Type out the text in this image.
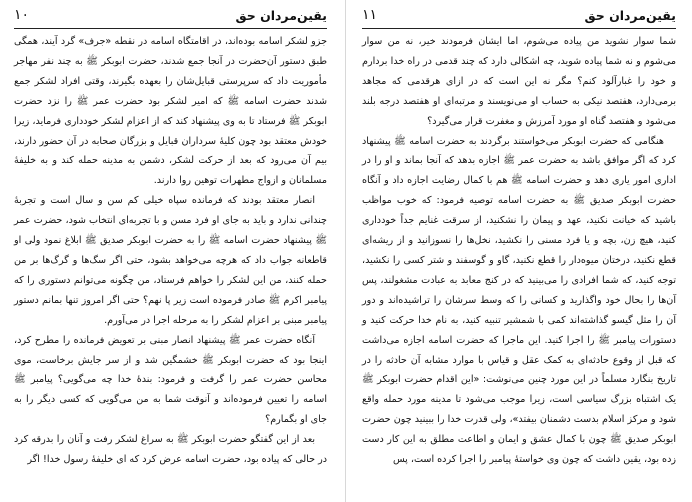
یقین‌مردان حق
۱۰

جزو لشکر اسامه بوده‌اند، در اقامتگاه اسامه در نقطه «جرف» گرد آیند، همگی طبق دستور آن‌حضرت در آنجا جمع شدند، حضرت ابوبکر ﷺ به چند نفر مهاجر مأموریت داد که سرپرستی قبایل‌شان را بعهده بگیرند، وقتی افراد لشکر جمع شدند حضرت اسامه ﷺ که امیر لشکر بود حضرت عمر ﷺ را نزد حضرت ابوبکر ﷺ فرستاد تا به وی پیشنهاد کند که از اعزام لشکر خودداری فرماید، زیرا خودش معتقد بود چون کلیهٔ سرداران قبایل و بزرگان صحابه در آن حضور دارند، بیم آن می‌رود که بعد از حرکت لشکر، دشمن به مدینه حمله کند و به خلیفهٔ مسلمانان و ازواج مطهرات توهین روا دارند.

انصار معتقد بودند که فرمانده سپاه خیلی کم سن و سال است و تجربهٔ چندانی ندارد و باید به جای او فرد مسن و با تجربه‌ای انتخاب شود، حضرت عمر ﷺ پیشنهاد حضرت اسامه ﷺ را به حضرت ابوبکر صدیق ﷺ ابلاغ نمود ولی او قاطعانه جواب داد که هرچه می‌خواهد بشود، حتی اگر سگ‌ها و گرگ‌ها بر من حمله کنند، من این لشکر را خواهم فرستاد، من چگونه می‌توانم دستوری را که پیامبر اکرم ﷺ صادر فرموده است زیر پا نهم؟ حتی اگر امروز تنها بمانم دستور پیامبر مبنی بر اعزام لشکر را به مرحله اجرا در می‌آورم.

آنگاه حضرت عمر ﷺ پیشنهاد انصار مبنی بر تعویض فرمانده را مطرح کرد، اینجا بود که حضرت ابوبکر ﷺ خشمگین شد و از سر جایش برخاست، موی محاسن حضرت عمر را گرفت و فرمود: بندهٔ خدا چه می‌گویی؟ پیامبر ﷺ اسامه را تعیین فرموده‌اند و آنوقت شما به من می‌گویی که کسی دیگر را به جای او بگمارم؟

بعد از این گفتگو حضرت ابوبکر ﷺ به سراغ لشکر رفت و آنان را بدرقه کرد در حالی که پیاده بود، حضرت اسامه عرض کرد که ای خلیفهٔ رسول خدا! اگر

یقین‌مردان حق
۱۱

شما سوار نشوید من پیاده می‌شوم، اما ایشان فرمودند خیر، نه من سوار می‌شوم و نه شما پیاده شوید، چه اشکالی دارد که چند قدمی در راه خدا بردارم و خود را غبارآلود کنم؟ مگر نه این است که در ازای هرقدمی که مجاهد برمی‌دارد، هفتصد نیکی به حساب او می‌نویسند و مرتبه‌ای او هفتصد درجه بلند می‌شود و هفتصد گناه او مورد آمرزش و مغفرت قرار می‌گیرد؟

هنگامی که حضرت ابوبکر می‌خواستند برگردند به حضرت اسامه ﷺ پیشنهاد کرد که اگر موافق باشد به حضرت عمر ﷺ اجازه بدهد که آنجا بماند و او را در اداری امور یاری دهد و حضرت اسامه ﷺ هم با کمال رضایت اجازه داد و آنگاه حضرت ابوبکر صدیق ﷺ به حضرت اسامه توصیه فرمود: که خوب مواظب باشید که خیانت نکنید، عهد و پیمان را نشکنید، از سرقت غنایم جداً خودداری کنید، هیچ زن، بچه و یا فرد مسنی را نکشید، نخل‌ها را نسوزانید و از ریشه‌ای قطع نکنید، درختان میوه‌دار را قطع نکنید، گاو و گوسفند و شتر کسی را نکشید، توجه کنید، که شما افرادی را می‌بینید که در کنج معابد به عبادت مشغولند، پس آن‌ها را بحال خود واگذارید و کسانی را که وسط سرشان را تراشیده‌اند و دور آن را مثل گیسو گذاشته‌اند کمی با شمشیر تنبیه کنید، به نام خدا حرکت کنید و دستورات پیامبر ﷺ را اجرا کنید. این ماجرا که حضرت اسامه اجازه می‌داشت که قبل از وقوع حادثه‌ای به کمک عقل و قیاس با موارد مشابه آن حادثه را در تاریخ بنگارد مسلماً در این مورد چنین می‌نوشت: «این اقدام حضرت ابوبکر ﷺ یک اشتباه بزرگ سیاسی است، زیرا موجب می‌شود تا مدینه مورد حمله واقع شود و مرکز اسلام بدست دشمنان بیفتد»، ولی قدرت خدا را ببینید چون حضرت ابوبکر صدیق ﷺ چون با کمال عشق و ایمان و اطاعت مطلق به این کار دست زده بود، یقین داشت که چون وی خواستهٔ پیامبر را اجرا کرده است، پس
